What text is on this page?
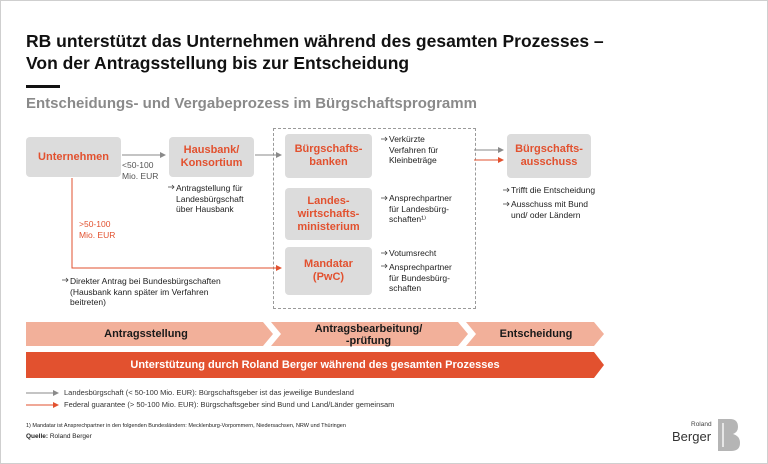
RB unterstützt das Unternehmen während des gesamten Prozesses –
Von der Antragsstellung bis zur Entscheidung
Entscheidungs- und Vergabeprozess im Bürgschaftsprogramm
Unternehmen
Hausbank/
Konsortium
Bürgschafts-
banken
Landes-
wirtschafts-
ministerium
Mandatar
(PwC)
Bürgschafts-
ausschuss
<50-100
Mio. EUR
>50-100
Mio. EUR
Antragstellung für
Landesbürgschaft
über Hausbank
Direkter Antrag bei Bundesbürgschaften
(Hausbank kann später im Verfahren
beitreten)
Verkürzte
Verfahren für
Kleinbeträge
Ansprechpartner
für Landesbürg-
schaften¹⁾
Votumsrecht
Ansprechpartner
für Bundesbürg-
schaften
Trifft die Entscheidung
Ausschuss mit Bund
und/ oder Ländern
Antragsstellung	Antragsbearbeitung/
-prüfung
Entscheidung
Unterstützung durch Roland Berger während des gesamten Prozesses
Landesbürgschaft (< 50-100 Mio. EUR): Bürgschaftsgeber ist das jeweilige Bundesland
Federal guarantee (> 50-100 Mio. EUR): Bürgschaftsgeber sind Bund und Land/Länder gemeinsam
1) Mandatar ist Ansprechpartner in den folgenden Bundesländern: Mecklenburg-Vorpommern, Niedersachsen, NRW und Thüringen
Quelle: Roland Berger
Roland
Berger
